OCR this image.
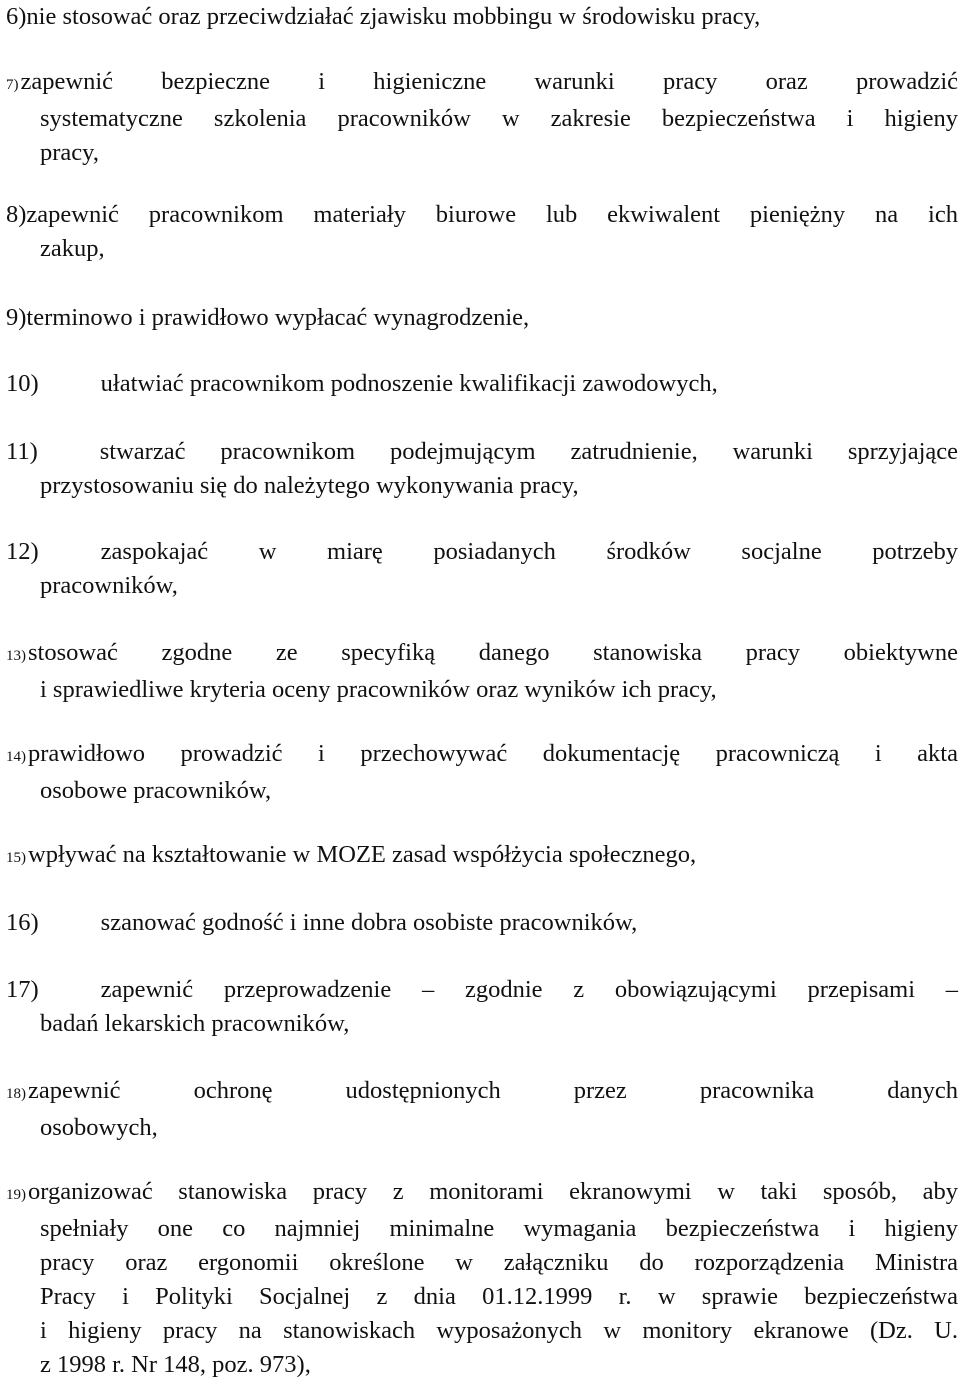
6)nie stosować oraz przeciwdziałać zjawisku mobbingu w środowisku pracy,
7)zapewnić bezpieczne i higieniczne warunki pracy oraz prowadzić
systematyczne szkolenia pracowników w zakresie bezpieczeństwa i higieny
pracy,
8)zapewnić pracownikom materiały biurowe lub ekwiwalent pieniężny na ich
zakup,
9)terminowo i prawidłowo wypłacać wynagrodzenie,
10)	ułatwiać pracownikom podnoszenie kwalifikacji zawodowych,
11)	stwarzać pracownikom podejmującym zatrudnienie, warunki sprzyjające
przystosowaniu się do należytego wykonywania pracy,
12)	zaspokajać w miarę posiadanych środków socjalne potrzeby
pracowników,
13)stosować zgodne ze specyfiką danego stanowiska pracy obiektywne
i sprawiedliwe kryteria oceny pracowników oraz wyników ich pracy,
14)prawidłowo prowadzić i przechowywać dokumentację pracowniczą i akta
osobowe pracowników,
15)wpływać na kształtowanie w MOZE zasad współżycia społecznego,
16)	szanować godność i inne dobra osobiste pracowników,
17)	zapewnić przeprowadzenie – zgodnie z obowiązującymi przepisami –
badań lekarskich pracowników,
18)zapewnić ochronę udostępnionych przez pracownika danych
osobowych,
19)organizować stanowiska pracy z monitorami ekranowymi w taki sposób, aby
spełniały one co najmniej minimalne wymagania bezpieczeństwa i higieny
pracy oraz ergonomii określone w załączniku do rozporządzenia Ministra
Pracy i Polityki Socjalnej z dnia 01.12.1999 r. w sprawie bezpieczeństwa
i higieny pracy na stanowiskach wyposażonych w monitory ekranowe (Dz. U.
z 1998 r. Nr 148, poz. 973),
